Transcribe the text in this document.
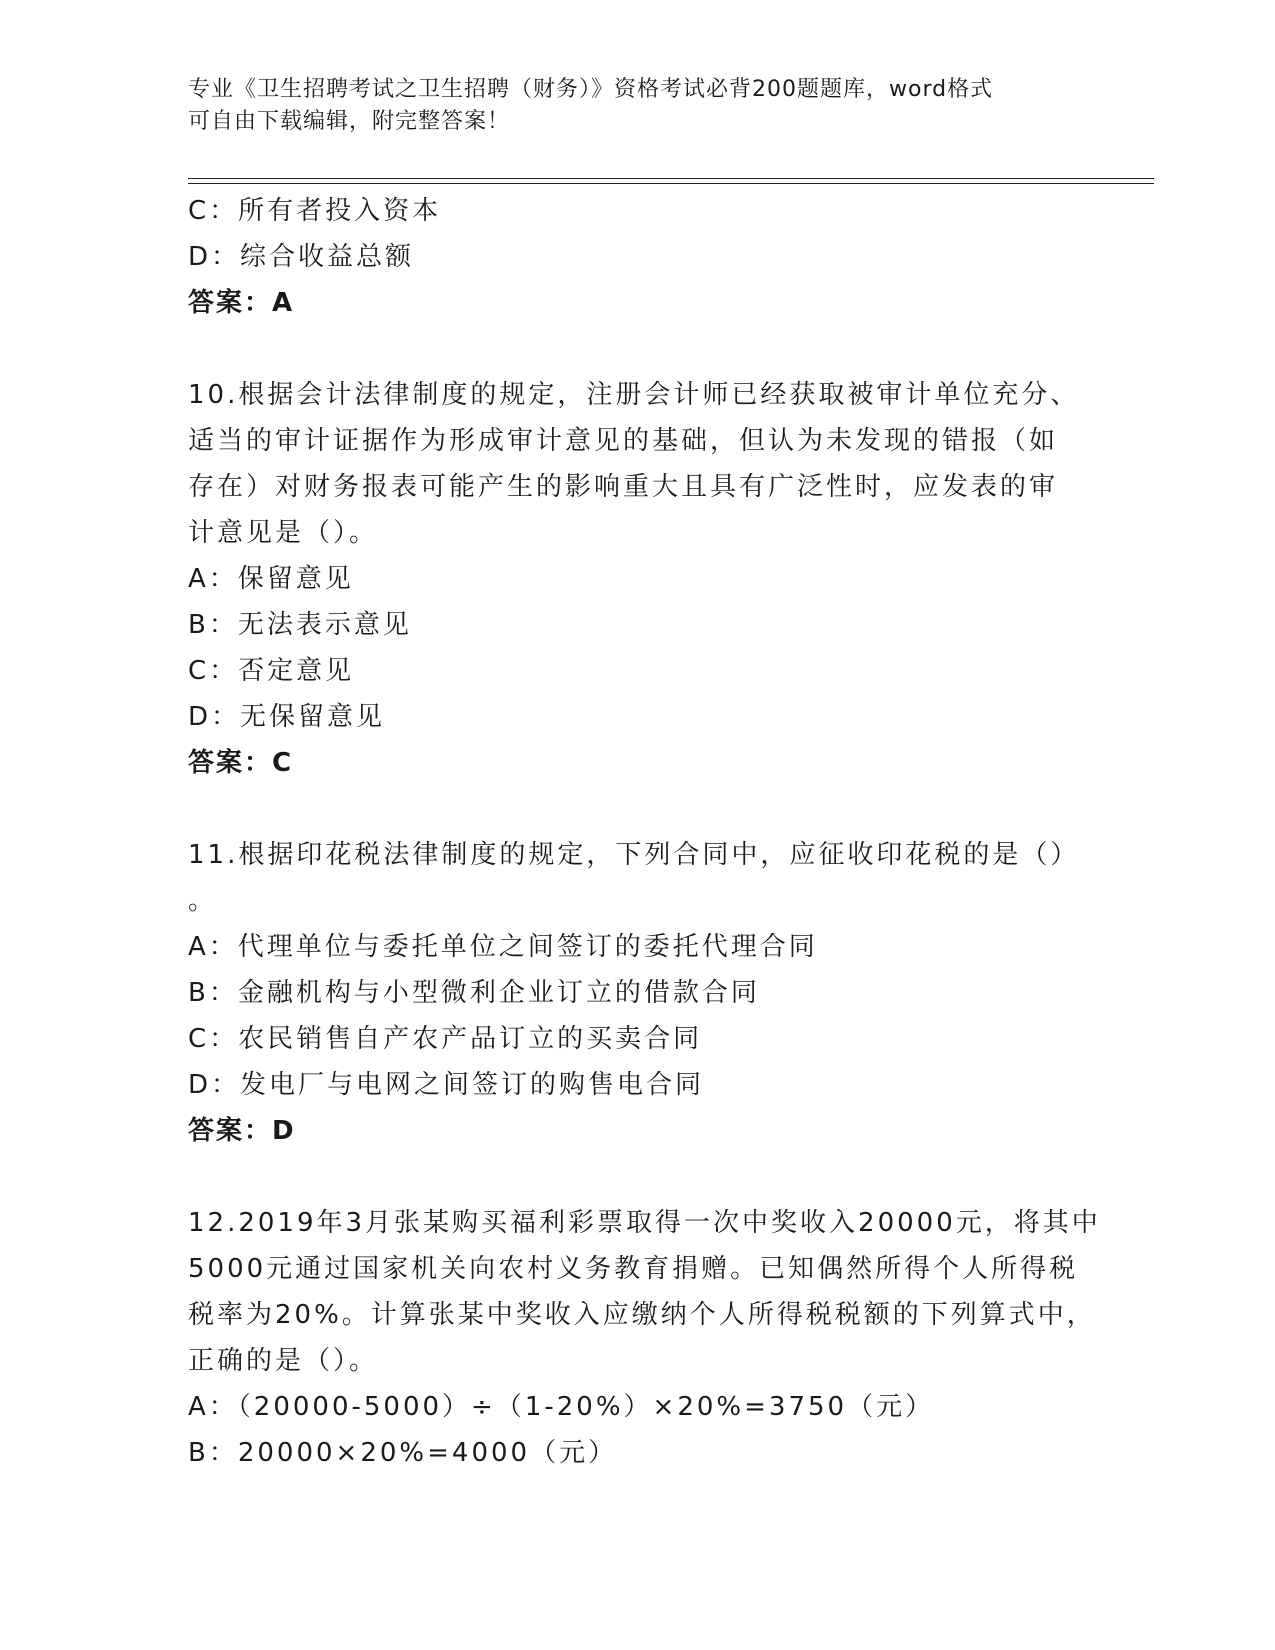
专业《卫生招聘考试之卫生招聘（财务）》资格考试必背200题题库，word格式
可自由下载编辑，附完整答案！
C：所有者投入资本
D：综合收益总额
答案：A
10.根据会计法律制度的规定，注册会计师已经获取被审计单位充分、
适当的审计证据作为形成审计意见的基础，但认为未发现的错报（如
存在）对财务报表可能产生的影响重大且具有广泛性时，应发表的审
计意见是（）。
A：保留意见
B：无法表示意见
C：否定意见
D：无保留意见
答案：C
11.根据印花税法律制度的规定，下列合同中，应征收印花税的是（）
。
A：代理单位与委托单位之间签订的委托代理合同
B：金融机构与小型微利企业订立的借款合同
C：农民销售自产农产品订立的买卖合同
D：发电厂与电网之间签订的购售电合同
答案：D
12.2019年3月张某购买福利彩票取得一次中奖收入20000元，将其中
5000元通过国家机关向农村义务教育捐赠。已知偶然所得个人所得税
税率为20%。计算张某中奖收入应缴纳个人所得税税额的下列算式中，
正确的是（）。
A：（20000-5000）÷（1-20%）×20%=3750（元）
B：20000×20%=4000（元）
